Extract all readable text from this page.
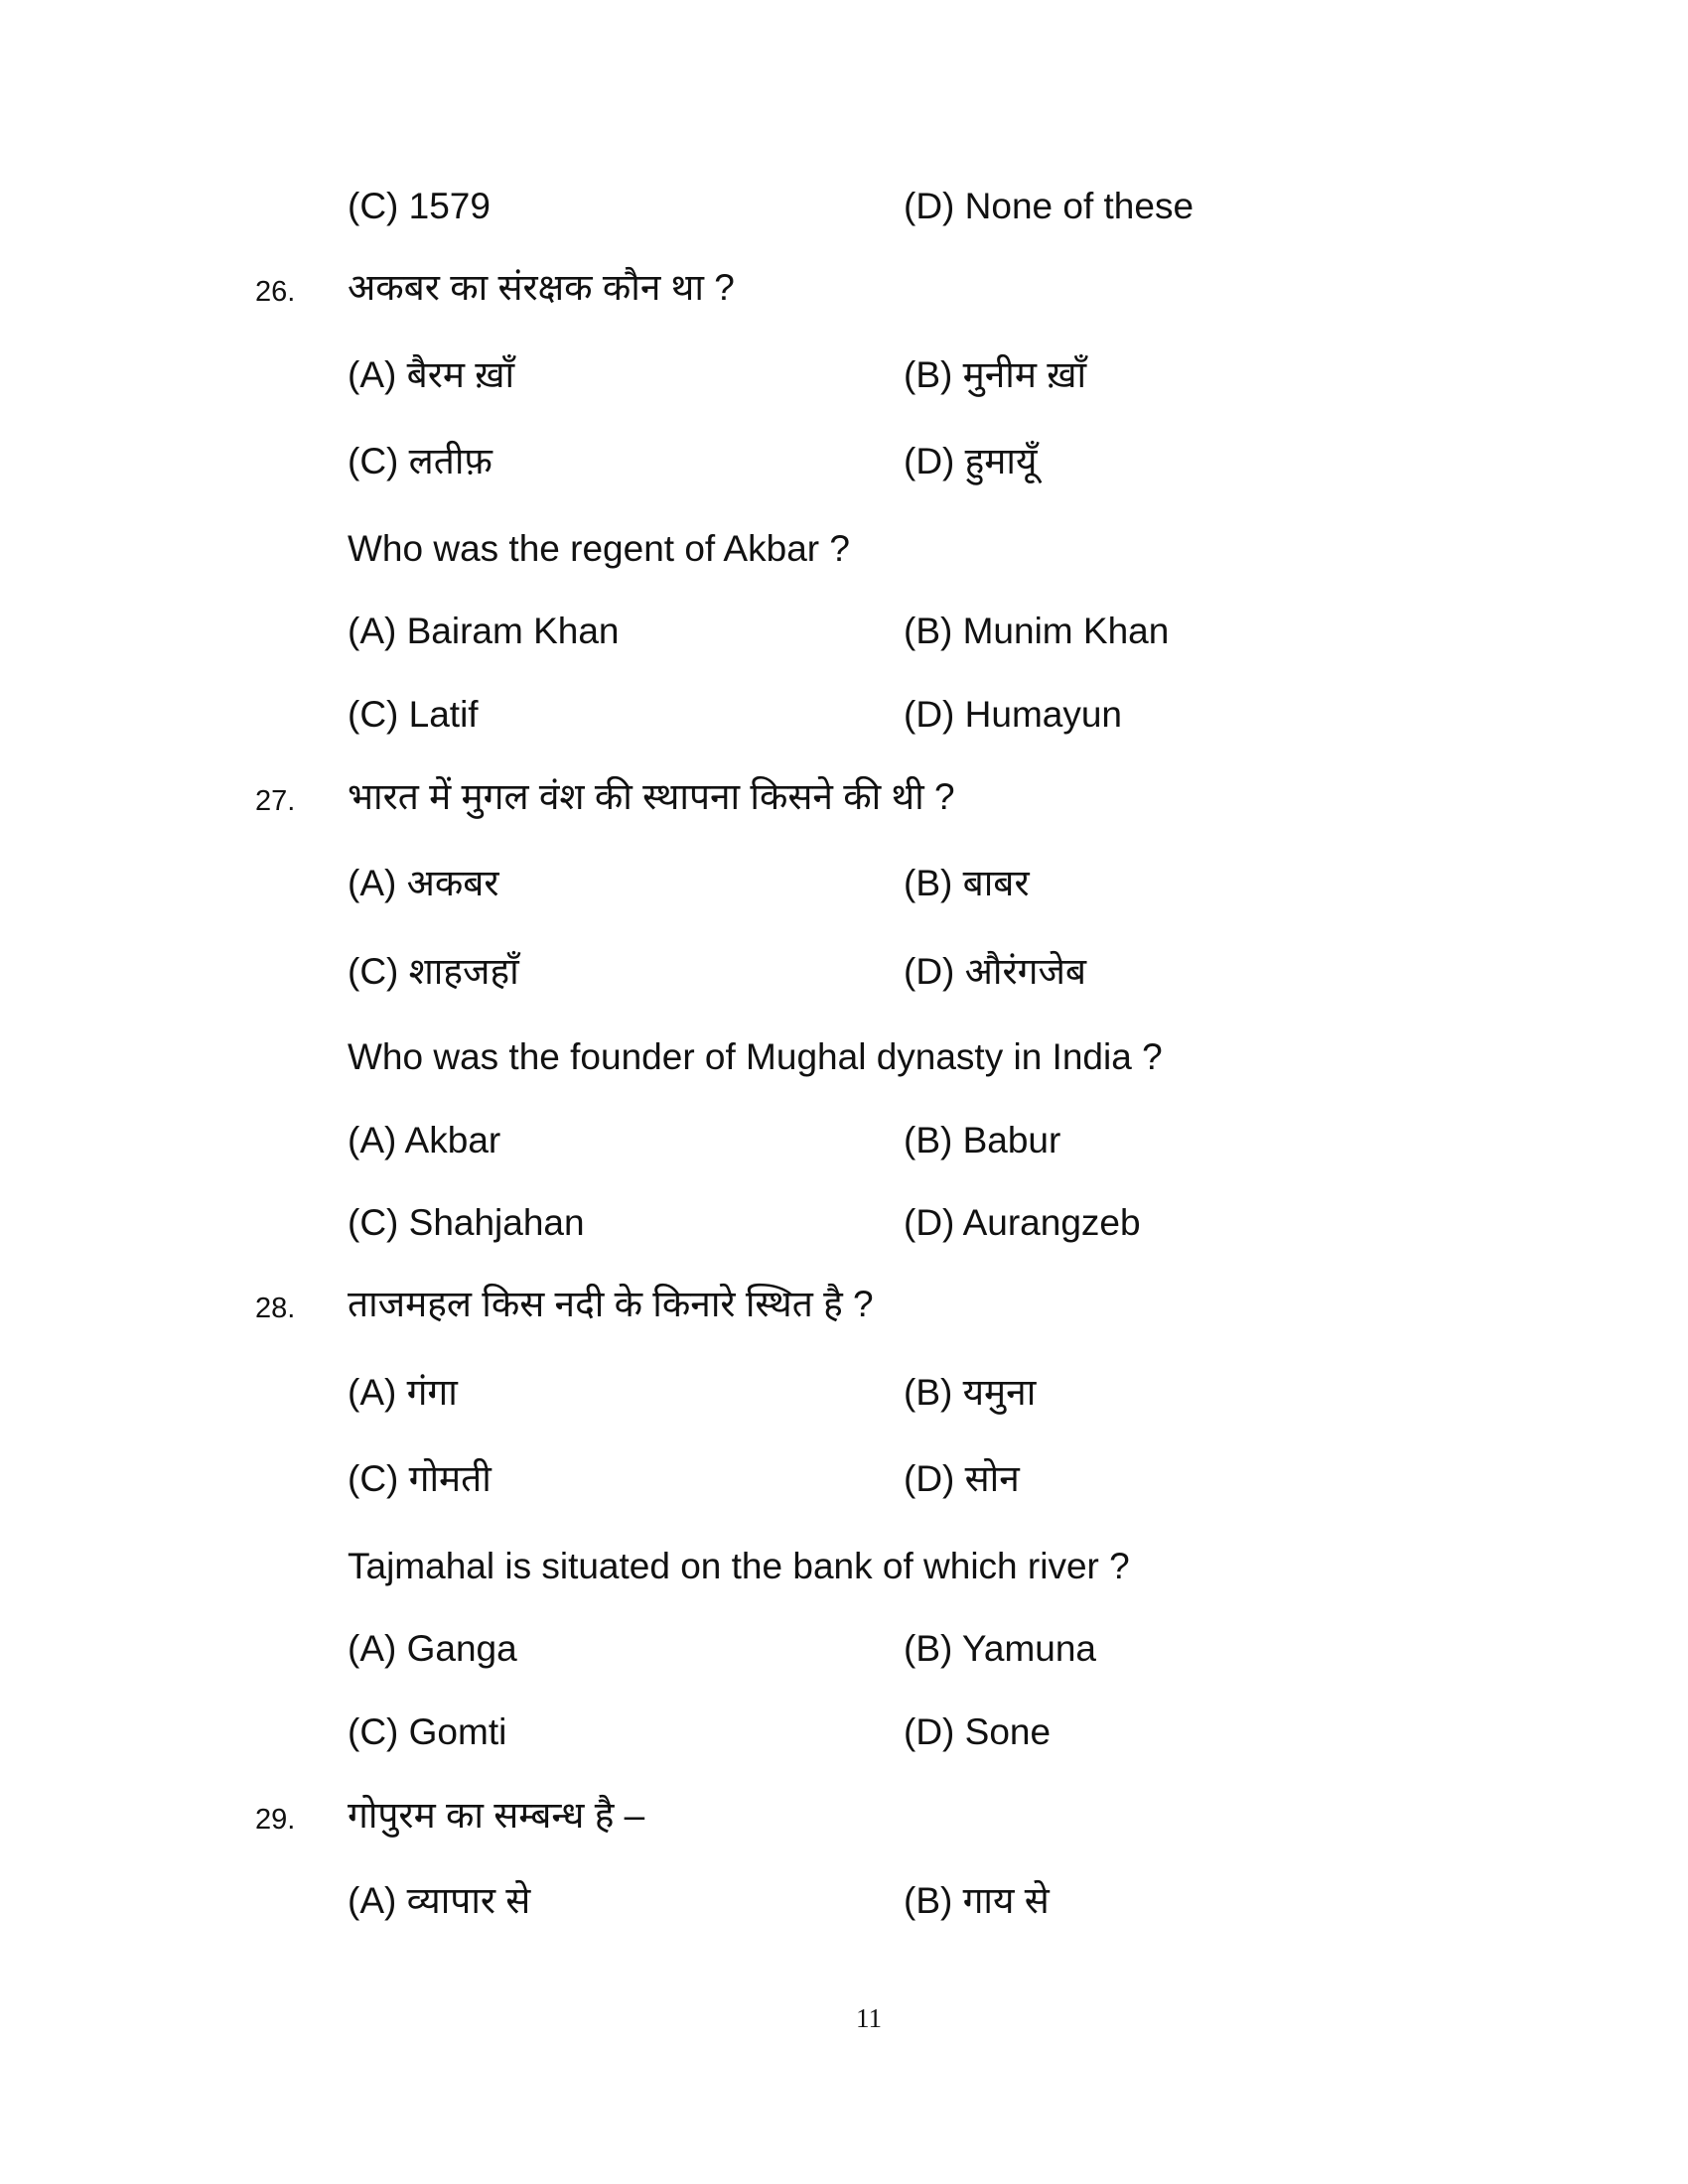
(C) 1579	(D) None of these
26. अकबर का संरक्षक कौन था ?
(A) बैरम ख़ाँ	(B) मुनीम ख़ाँ
(C) लतीफ़	(D) हुमायूँ
Who was the regent of Akbar ?
(A) Bairam Khan	(B) Munim Khan
(C) Latif	(D) Humayun
27. भारत में मुगल वंश की स्थापना किसने की थी ?
(A) अकबर	(B) बाबर
(C) शाहजहाँ	(D) औरंगजेब
Who was the founder of Mughal dynasty in India ?
(A) Akbar	(B) Babur
(C) Shahjahan	(D) Aurangzeb
28. ताजमहल किस नदी के किनारे स्थित है ?
(A) गंगा	(B) यमुना
(C) गोमती	(D) सोन
Tajmahal is situated on the bank of which river ?
(A) Ganga	(B) Yamuna
(C) Gomti	(D) Sone
29. गोपुरम का सम्बन्ध है –
(A) व्यापार से	(B) गाय से
11
